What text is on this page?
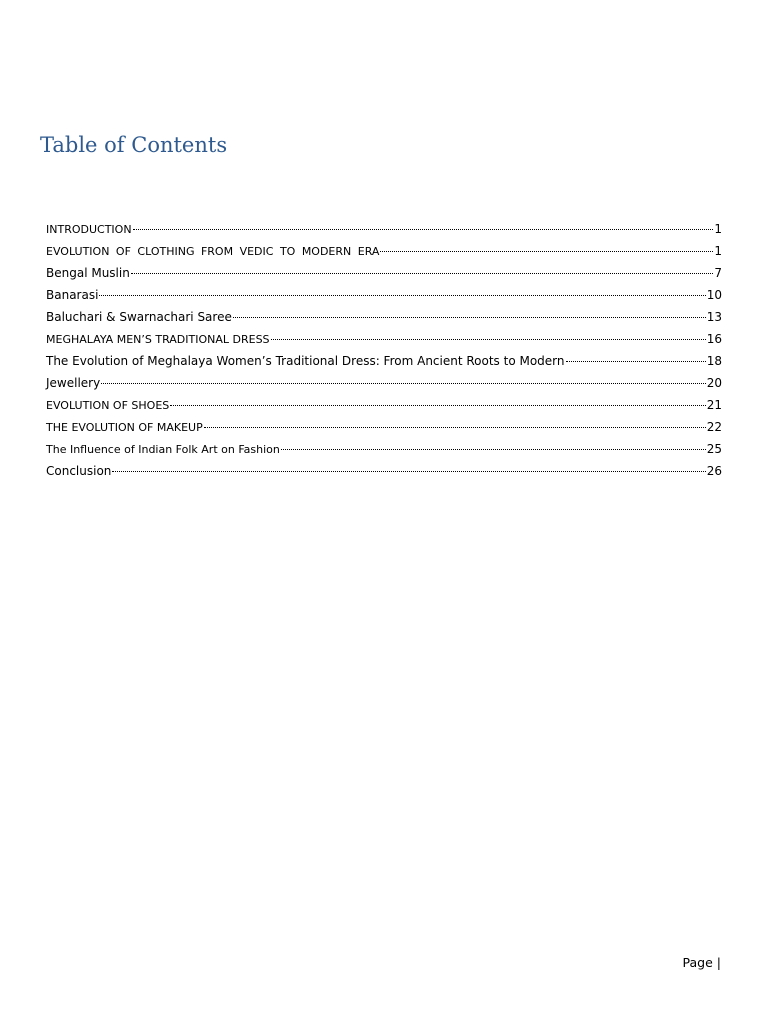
Table of Contents
INTRODUCTION	1
EVOLUTION OF CLOTHING FROM VEDIC TO MODERN ERA	1
Bengal Muslin	7
Banarasi	10
Baluchari & Swarnachari Saree	13
MEGHALAYA MEN’S TRADITIONAL DRESS	16
The Evolution of Meghalaya Women’s Traditional Dress: From Ancient Roots to Modern	18
Jewellery	20
EVOLUTION OF SHOES	21
THE EVOLUTION OF MAKEUP	22
The Influence of Indian Folk Art on Fashion	25
Conclusion	26
Page |
